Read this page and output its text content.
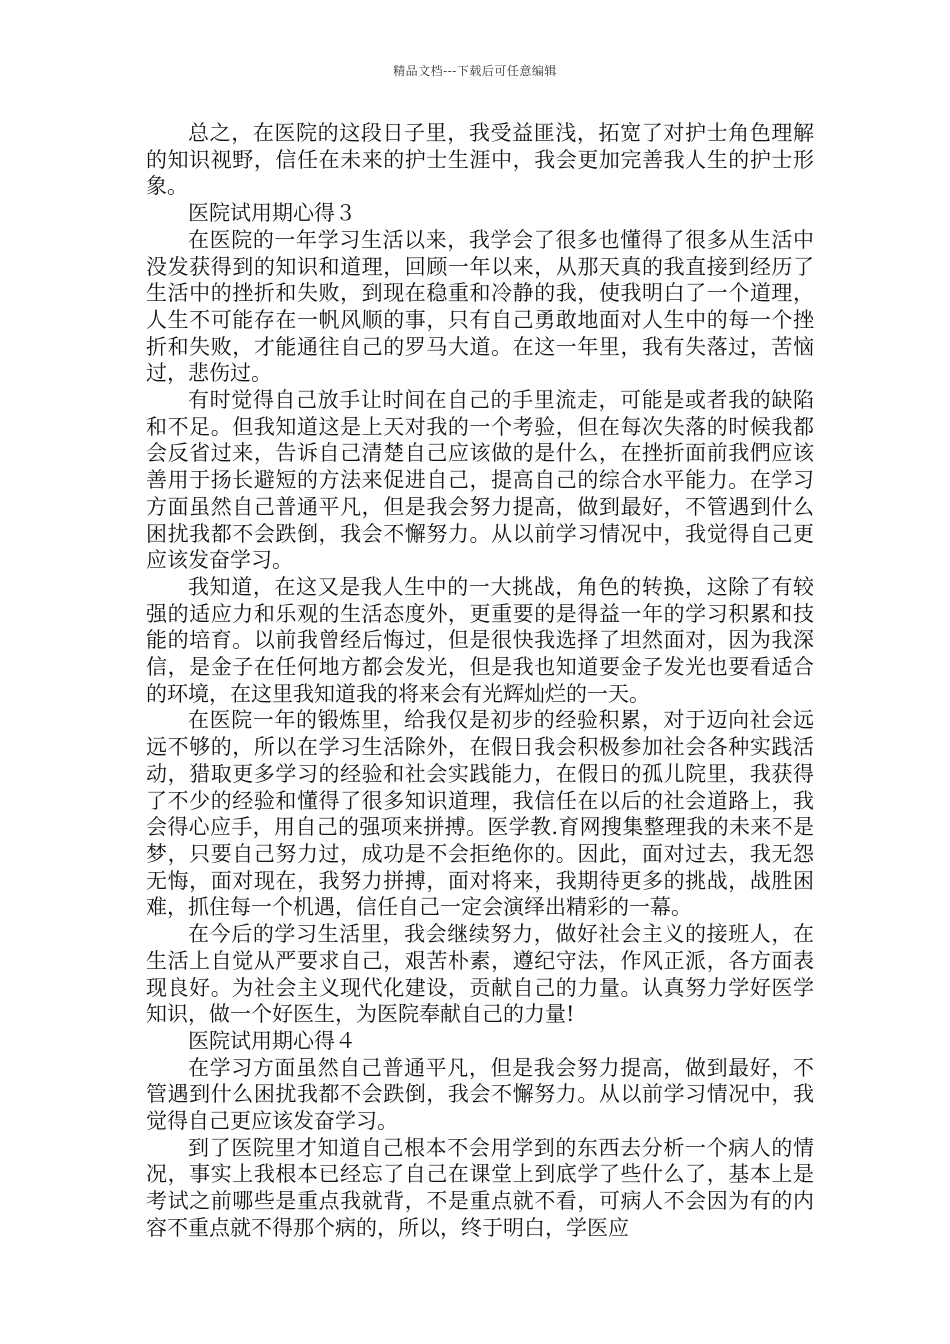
精品文档---下载后可任意编辑

总之，在医院的这段日子里，我受益匪浅，拓宽了对护士角色理解的知识视野，信任在未来的护士生涯中，我会更加完善我人生的护士形象。

医院试用期心得３

在医院的一年学习生活以来，我学会了很多也懂得了很多从生活中没发获得到的知识和道理，回顾一年以来，从那天真的我直接到经历了生活中的挫折和失败，到现在稳重和冷静的我，使我明白了一个道理，人生不可能存在一帆风顺的事，只有自己勇敢地面对人生中的每一个挫折和失败，才能通往自己的罗马大道。在这一年里，我有失落过，苦恼过，悲伤过。

有时觉得自己放手让时间在自己的手里流走，可能是或者我的缺陷和不足。但我知道这是上天对我的一个考验，但在每次失落的时候我都会反省过来，告诉自己清楚自己应该做的是什么，在挫折面前我們应该善用于扬长避短的方法来促进自己，提高自己的综合水平能力。在学习方面虽然自己普通平凡，但是我会努力提高，做到最好，不管遇到什么困扰我都不会跌倒，我会不懈努力。从以前学习情况中，我觉得自己更应该发奋学习。

我知道，在这又是我人生中的一大挑战，角色的转换，这除了有较强的适应力和乐观的生活态度外，更重要的是得益一年的学习积累和技能的培育。以前我曾经后悔过，但是很快我选择了坦然面对，因为我深信，是金子在任何地方都会发光，但是我也知道要金子发光也要看适合的环境，在这里我知道我的将来会有光辉灿烂的一天。

在医院一年的锻炼里，给我仅是初步的经验积累，对于迈向社会远远不够的，所以在学习生活除外，在假日我会积极参加社会各种实践活动，猎取更多学习的经验和社会实践能力，在假日的孤儿院里，我获得了不少的经验和懂得了很多知识道理，我信任在以后的社会道路上，我会得心应手，用自己的强项来拼搏。医学教.育网搜集整理我的未来不是梦，只要自己努力过，成功是不会拒绝你的。因此，面对过去，我无怨无悔，面对现在，我努力拼搏，面对将来，我期待更多的挑战，战胜困难，抓住每一个机遇，信任自己一定会演绎出精彩的一幕。

在今后的学习生活里，我会继续努力，做好社会主义的接班人，在生活上自觉从严要求自己，艰苦朴素，遵纪守法，作风正派，各方面表现良好。为社会主义现代化建设，贡献自己的力量。认真努力学好医学知识，做一个好医生，为医院奉献自己的力量!

医院试用期心得４

在学习方面虽然自己普通平凡，但是我会努力提高，做到最好，不管遇到什么困扰我都不会跌倒，我会不懈努力。从以前学习情况中，我觉得自己更应该发奋学习。

到了医院里才知道自己根本不会用学到的东西去分析一个病人的情况，事实上我根本已经忘了自己在课堂上到底学了些什么了，基本上是考试之前哪些是重点我就背，不是重点就不看，可病人不会因为有的内容不重点就不得那个病的，所以，终于明白，学医应
